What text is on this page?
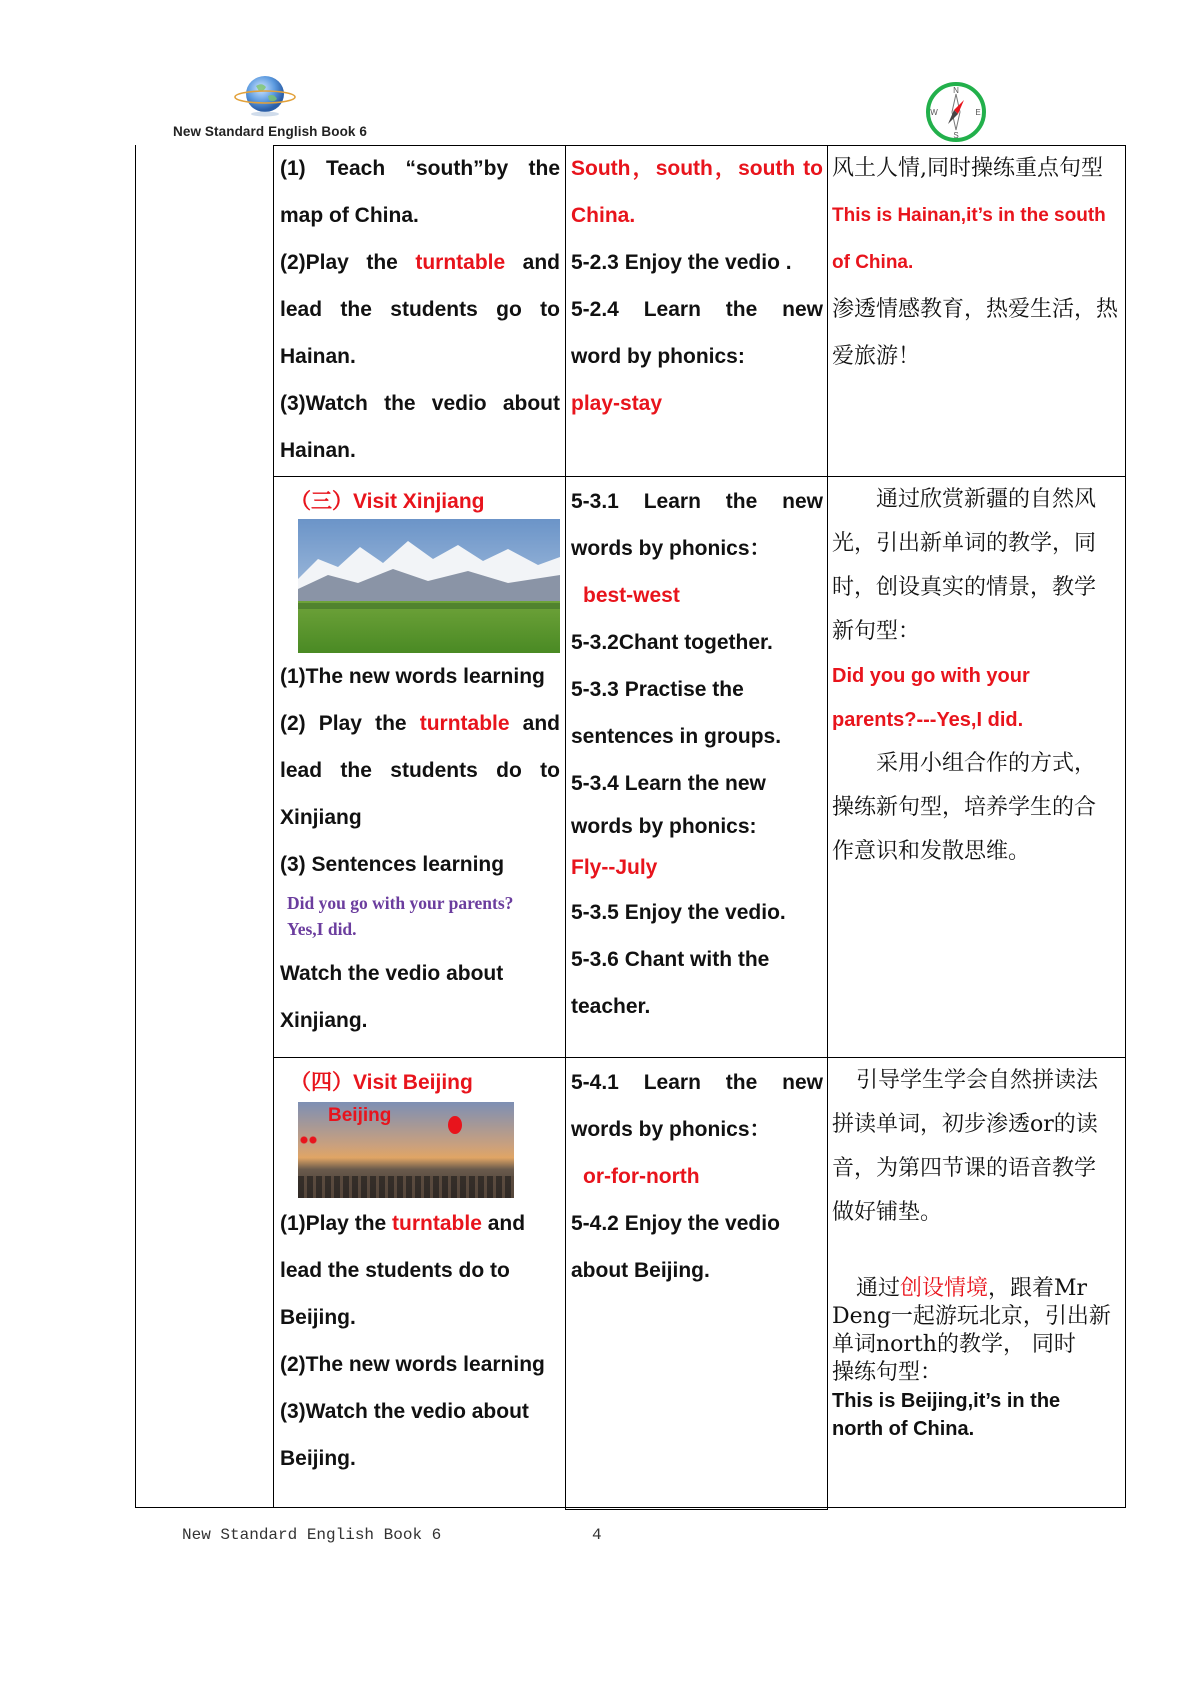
New Standard English Book 6
N
S
W	E

(1) Teach “south”by the

map of China.

(2)Play the turntable and

lead the students go to

Hainan.

(3)Watch the vedio about

Hainan.

South，south，south to

China.

5-2.3 Enjoy the vedio .

5-2.4 Learn the new

word by phonics:

play-stay

风土人情,同时操练重点句型

This is Hainan,it’s in the south

of China.

渗透情感教育，热爱生活，热

爱旅游！

（三）Visit Xinjiang

(1)The new words learning

(2) Play the turntable and

lead the students do to

Xinjiang

(3) Sentences learning

Did you go with your parents?
Yes,I did.

Watch the vedio about

Xinjiang.

5-3.1 Learn the new

words by phonics：

best-west

5-3.2Chant together.

5-3.3 Practise the

sentences in groups.

5-3.4 Learn the new

words by phonics:

Fly--July

5-3.5 Enjoy the vedio.

5-3.6 Chant with the

teacher.

通过欣赏新疆的自然风

光，引出新单词的教学，同

时，创设真实的情景，教学

新句型：

Did you go with your

parents?---Yes,I did.

采用小组合作的方式，

操练新句型，培养学生的合

作意识和发散思维。

（四）Visit Beijing

Beijing

(1)Play the turntable and

lead the students do to

Beijing.

(2)The new words learning

(3)Watch the vedio about

Beijing.

5-4.1 Learn the new

words by phonics：

or-for-north

5-4.2 Enjoy the vedio

about Beijing.

引导学生学会自然拼读法

拼读单词，初步渗透or的读

音，为第四节课的语音教学

做好铺垫。

通过创设情境，跟着Mr

Deng一起游玩北京，引出新

单词north的教学， 同时

操练句型：

This is Beijing,it’s in the

north of China.

New Standard English Book 6	4
